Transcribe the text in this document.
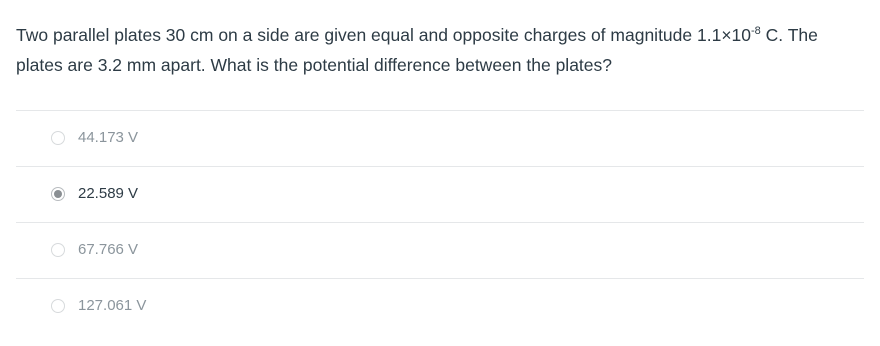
Two parallel plates 30 cm on a side are given equal and opposite charges of magnitude $1.1\times 10^{-8}$ C. The plates are 3.2 mm apart. What is the potential difference between the plates?
44.173 V
22.589 V
67.766 V
127.061 V
